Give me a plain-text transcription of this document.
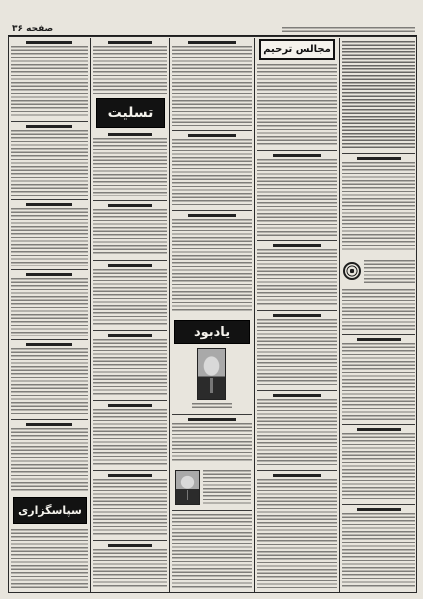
صفحه ۳۶
سپاسگزاری
تسلیت
یادبود
مجالس ترحیم
